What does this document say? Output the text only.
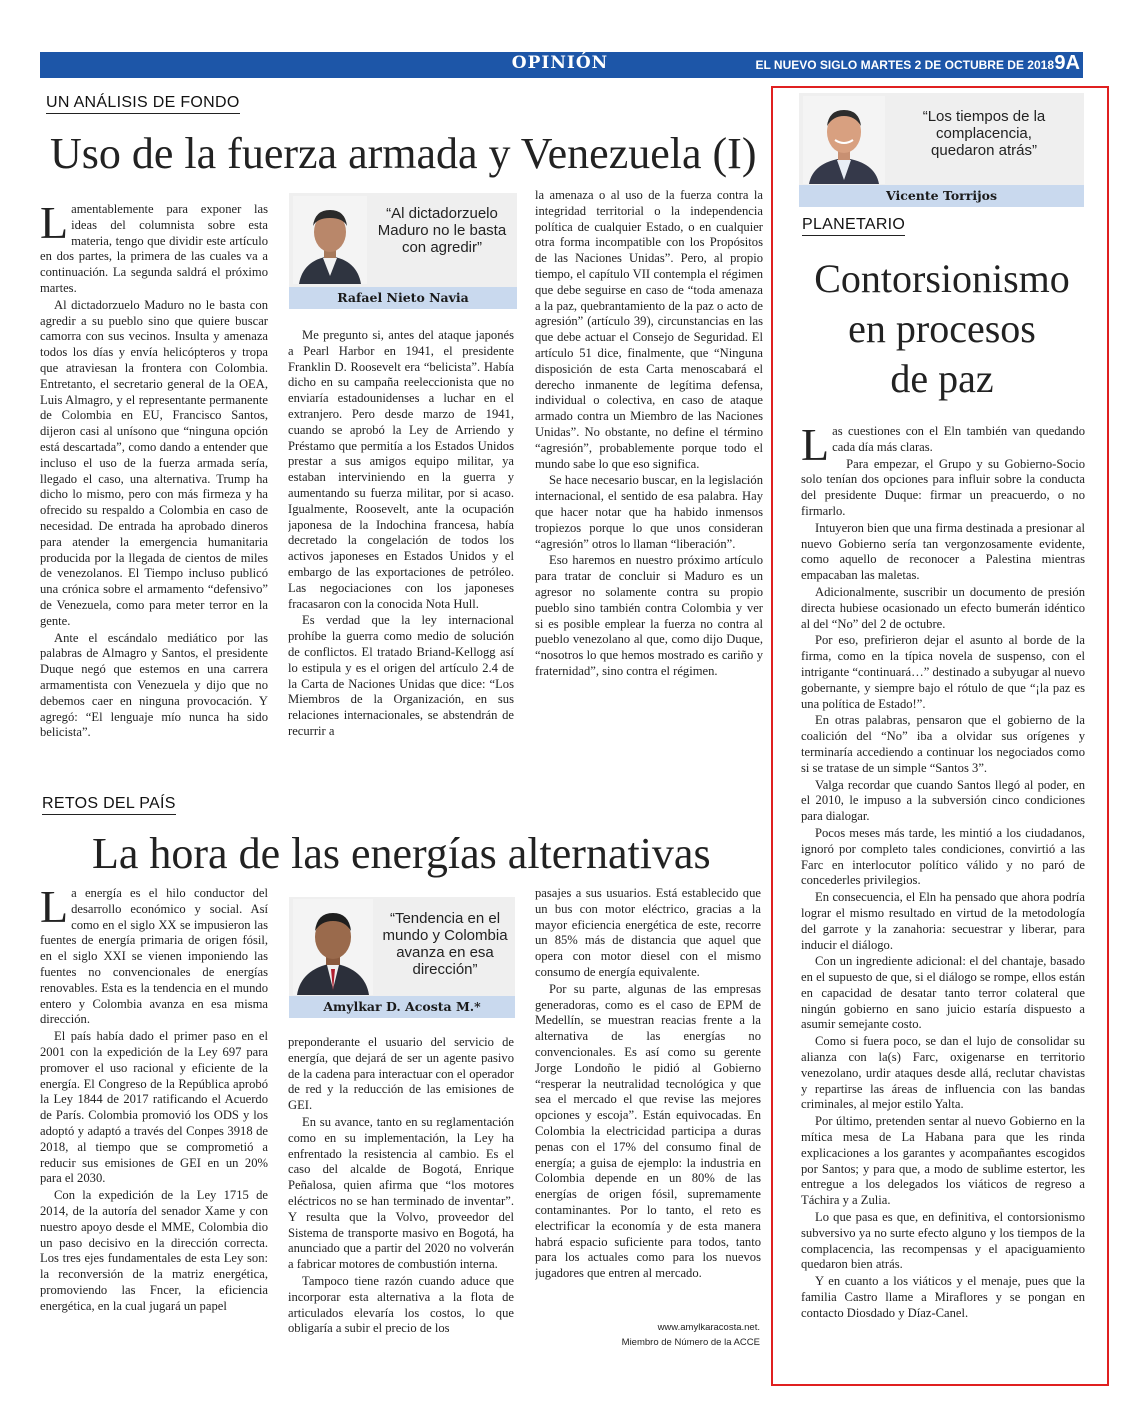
OPINIÓN	EL NUEVO SIGLO MARTES 2 DE OCTUBRE DE 2018 9A
UN ANÁLISIS DE FONDO
Uso de la fuerza armada y Venezuela (I)

Lamentablemente para exponer las ideas del columnista sobre esta materia, tengo que dividir este artículo en dos partes, la primera de las cuales va a continuación. La segunda saldrá el próximo martes.

Al dictadorzuelo Maduro no le basta con agredir a su pueblo sino que quiere buscar camorra con sus vecinos. Insulta y amenaza todos los días y envía helicópteros y tropa que atraviesan la frontera con Colombia. Entretanto, el secretario general de la OEA, Luis Almagro, y el representante permanente de Colombia en EU, Francisco Santos, dijeron casi al unísono que “ninguna opción está descartada”, como dando a entender que incluso el uso de la fuerza armada sería, llegado el caso, una alternativa. Trump ha dicho lo mismo, pero con más firmeza y ha ofrecido su respaldo a Colombia en caso de necesidad. De entrada ha aprobado dineros para atender la emergencia humanitaria producida por la llegada de cientos de miles de venezolanos. El Tiempo incluso publicó una crónica sobre el armamento “defensivo” de Venezuela, como para meter terror en la gente.

Ante el escándalo mediático por las palabras de Almagro y Santos, el presidente Duque negó que estemos en una carrera armamentista con Venezuela y dijo que no debemos caer en ninguna provocación. Y agregó: “El lenguaje mío nunca ha sido belicista”.

“Al dictadorzuelo Maduro no le basta con agredir”
Rafael Nieto Navia

Me pregunto si, antes del ataque japonés a Pearl Harbor en 1941, el presidente Franklin D. Roosevelt era “belicista”. Había dicho en su campaña reeleccionista que no enviaría estadounidenses a luchar en el extranjero. Pero desde marzo de 1941, cuando se aprobó la Ley de Arriendo y Préstamo que permitía a los Estados Unidos prestar a sus amigos equipo militar, ya estaban interviniendo en la guerra y aumentando su fuerza militar, por si acaso. Igualmente, Roosevelt, ante la ocupación japonesa de la Indochina francesa, había decretado la congelación de todos los activos japoneses en Estados Unidos y el embargo de las exportaciones de petróleo. Las negociaciones con los japoneses fracasaron con la conocida Nota Hull.

Es verdad que la ley internacional prohíbe la guerra como medio de solución de conflictos. El tratado Briand-Kellogg así lo estipula y es el origen del artículo 2.4 de la Carta de Naciones Unidas que dice: “Los Miembros de la Organización, en sus relaciones internacionales, se abstendrán de recurrir a

la amenaza o al uso de la fuerza contra la integridad territorial o la independencia política de cualquier Estado, o en cualquier otra forma incompatible con los Propósitos de las Naciones Unidas”. Pero, al propio tiempo, el capítulo VII contempla el régimen que debe seguirse en caso de “toda amenaza a la paz, quebrantamiento de la paz o acto de agresión” (artículo 39), circunstancias en las que debe actuar el Consejo de Seguridad. El artículo 51 dice, finalmente, que “Ninguna disposición de esta Carta menoscabará el derecho inmanente de legítima defensa, individual o colectiva, en caso de ataque armado contra un Miembro de las Naciones Unidas”. No obstante, no define el término “agresión”, probablemente porque todo el mundo sabe lo que eso significa.

Se hace necesario buscar, en la legislación internacional, el sentido de esa palabra. Hay que hacer notar que ha habido inmensos tropiezos porque lo que unos consideran “agresión” otros lo llaman “liberación”.

Eso haremos en nuestro próximo artículo para tratar de concluir si Maduro es un agresor no solamente contra su propio pueblo sino también contra Colombia y ver si es posible emplear la fuerza no contra al pueblo venezolano al que, como dijo Duque, “nosotros lo que hemos mostrado es cariño y fraternidad”, sino contra el régimen.

RETOS DEL PAÍS
La hora de las energías alternativas

La energía es el hilo conductor del desarrollo económico y social. Así como en el siglo XX se impusieron las fuentes de energía primaria de origen fósil, en el siglo XXI se vienen imponiendo las fuentes no convencionales de energías renovables. Esta es la tendencia en el mundo entero y Colombia avanza en esa misma dirección.

El país había dado el primer paso en el 2001 con la expedición de la Ley 697 para promover el uso racional y eficiente de la energía. El Congreso de la República aprobó la Ley 1844 de 2017 ratificando el Acuerdo de París. Colombia promovió los ODS y los adoptó y adaptó a través del Conpes 3918 de 2018, al tiempo que se comprometió a reducir sus emisiones de GEI en un 20% para el 2030.

Con la expedición de la Ley 1715 de 2014, de la autoría del senador Xame y con nuestro apoyo desde el MME, Colombia dio un paso decisivo en la dirección correcta. Los tres ejes fundamentales de esta Ley son: la reconversión de la matriz energética, promoviendo las Fncer, la eficiencia energética, en la cual jugará un papel

“Tendencia en el mundo y Colombia avanza en esa dirección”
Amylkar D. Acosta M.*

preponderante el usuario del servicio de energía, que dejará de ser un agente pasivo de la cadena para interactuar con el operador de red y la reducción de las emisiones de GEI.

En su avance, tanto en su reglamentación como en su implementación, la Ley ha enfrentado la resistencia al cambio. Es el caso del alcalde de Bogotá, Enrique Peñalosa, quien afirma que “los motores eléctricos no se han terminado de inventar”. Y resulta que la Volvo, proveedor del Sistema de transporte masivo en Bogotá, ha anunciado que a partir del 2020 no volverán a fabricar motores de combustión interna.

Tampoco tiene razón cuando aduce que incorporar esta alternativa a la flota de articulados elevaría los costos, lo que obligaría a subir el precio de los

pasajes a sus usuarios. Está establecido que un bus con motor eléctrico, gracias a la mayor eficiencia energética de este, recorre un 85% más de distancia que aquel que opera con motor diesel con el mismo consumo de energía equivalente.

Por su parte, algunas de las empresas generadoras, como es el caso de EPM de Medellín, se muestran reacias frente a la alternativa de las energías no convencionales. Es así como su gerente Jorge Londoño le pidió al Gobierno “resperar la neutralidad tecnológica y que sea el mercado el que revise las mejores opciones y escoja”. Están equivocadas. En Colombia la electricidad participa a duras penas con el 17% del consumo final de energía; a guisa de ejemplo: la industria en Colombia depende en un 80% de las energías de origen fósil, supremamente contaminantes. Por lo tanto, el reto es electrificar la economía y de esta manera habrá espacio suficiente para todos, tanto para los actuales como para los nuevos jugadores que entren al mercado.

www.amylkaracosta.net.
Miembro de Número de la ACCE
“Los tiempos de la complacencia, quedaron atrás”
Vicente Torrijos
PLANETARIO
Contorsionismo
en procesos
de paz

Las cuestiones con el Eln también van quedando cada día más claras.

Para empezar, el Grupo y su Gobierno-Socio solo tenían dos opciones para influir sobre la conducta del presidente Duque: firmar un preacuerdo, o no firmarlo.

Intuyeron bien que una firma destinada a presionar al nuevo Gobierno sería tan vergonzosamente evidente, como aquello de reconocer a Palestina mientras empacaban las maletas.

Adicionalmente, suscribir un documento de presión directa hubiese ocasionado un efecto bumerán idéntico al del “No” del 2 de octubre.

Por eso, prefirieron dejar el asunto al borde de la firma, como en la típica novela de suspenso, con el intrigante “continuará…” destinado a subyugar al nuevo gobernante, y siempre bajo el rótulo de que “¡la paz es una política de Estado!”.

En otras palabras, pensaron que el gobierno de la coalición del “No” iba a olvidar sus orígenes y terminaría accediendo a continuar los negociados como si se tratase de un simple “Santos 3”.

Valga recordar que cuando Santos llegó al poder, en el 2010, le impuso a la subversión cinco condiciones para dialogar.

Pocos meses más tarde, les mintió a los ciudadanos, ignoró por completo tales condiciones, convirtió a las Farc en interlocutor político válido y no paró de concederles privilegios.

En consecuencia, el Eln ha pensado que ahora podría lograr el mismo resultado en virtud de la metodología del garrote y la zanahoria: secuestrar y liberar, para inducir el diálogo.

Con un ingrediente adicional: el del chantaje, basado en el supuesto de que, si el diálogo se rompe, ellos están en capacidad de desatar tanto terror colateral que ningún gobierno en sano juicio estaría dispuesto a asumir semejante costo.

Como si fuera poco, se dan el lujo de consolidar su alianza con la(s) Farc, oxigenarse en territorio venezolano, urdir ataques desde allá, reclutar chavistas y repartirse las áreas de influencia con las bandas criminales, al mejor estilo Yalta.

Por último, pretenden sentar al nuevo Gobierno en la mítica mesa de La Habana para que les rinda explicaciones a los garantes y acompañantes escogidos por Santos; y para que, a modo de sublime estertor, les entregue a los delegados los viáticos de regreso a Táchira y a Zulia.

Lo que pasa es que, en definitiva, el contorsionismo subversivo ya no surte efecto alguno y los tiempos de la complacencia, las recompensas y el apaciguamiento quedaron bien atrás.

Y en cuanto a los viáticos y el menaje, pues que la familia Castro llame a Miraflores y se pongan en contacto Diosdado y Díaz-Canel.
